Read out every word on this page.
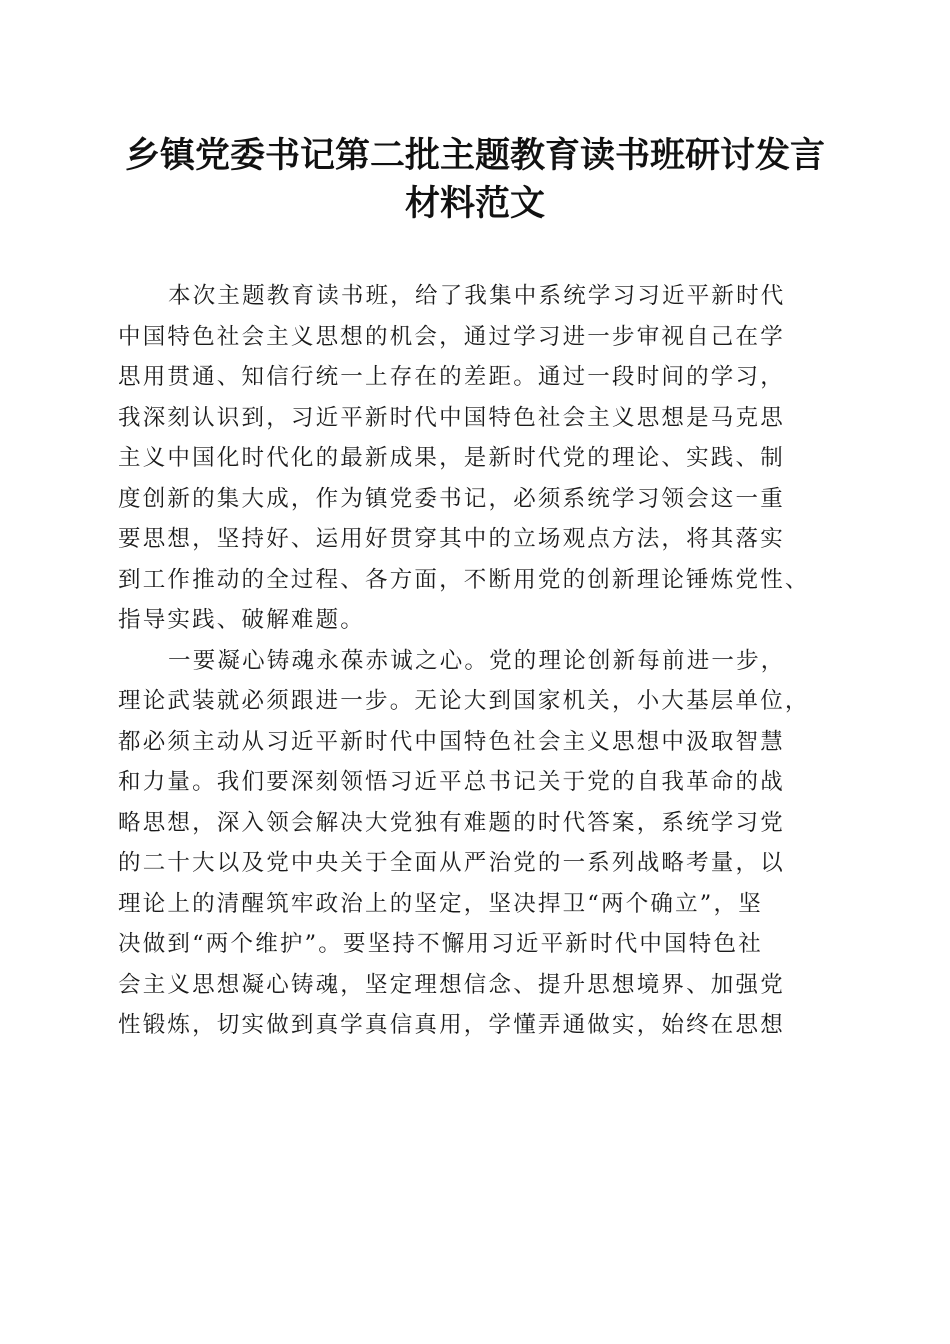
乡镇党委书记第二批主题教育读书班研讨发言
材料范文

本次主题教育读书班，给了我集中系统学习习近平新时代
中国特色社会主义思想的机会，通过学习进一步审视自己在学
思用贯通、知信行统一上存在的差距。通过一段时间的学习，
我深刻认识到，习近平新时代中国特色社会主义思想是马克思
主义中国化时代化的最新成果，是新时代党的理论、实践、制
度创新的集大成，作为镇党委书记，必须系统学习领会这一重
要思想，坚持好、运用好贯穿其中的立场观点方法，将其落实
到工作推动的全过程、各方面，不断用党的创新理论锤炼党性、
指导实践、破解难题。

一要凝心铸魂永葆赤诚之心。党的理论创新每前进一步，
理论武装就必须跟进一步。无论大到国家机关，小大基层单位，
都必须主动从习近平新时代中国特色社会主义思想中汲取智慧
和力量。我们要深刻领悟习近平总书记关于党的自我革命的战
略思想，深入领会解决大党独有难题的时代答案，系统学习党
的二十大以及党中央关于全面从严治党的一系列战略考量，以
理论上的清醒筑牢政治上的坚定，坚决捍卫“两个确立”，坚
决做到“两个维护”。要坚持不懈用习近平新时代中国特色社
会主义思想凝心铸魂，坚定理想信念、提升思想境界、加强党
性锻炼，切实做到真学真信真用，学懂弄通做实，始终在思想
